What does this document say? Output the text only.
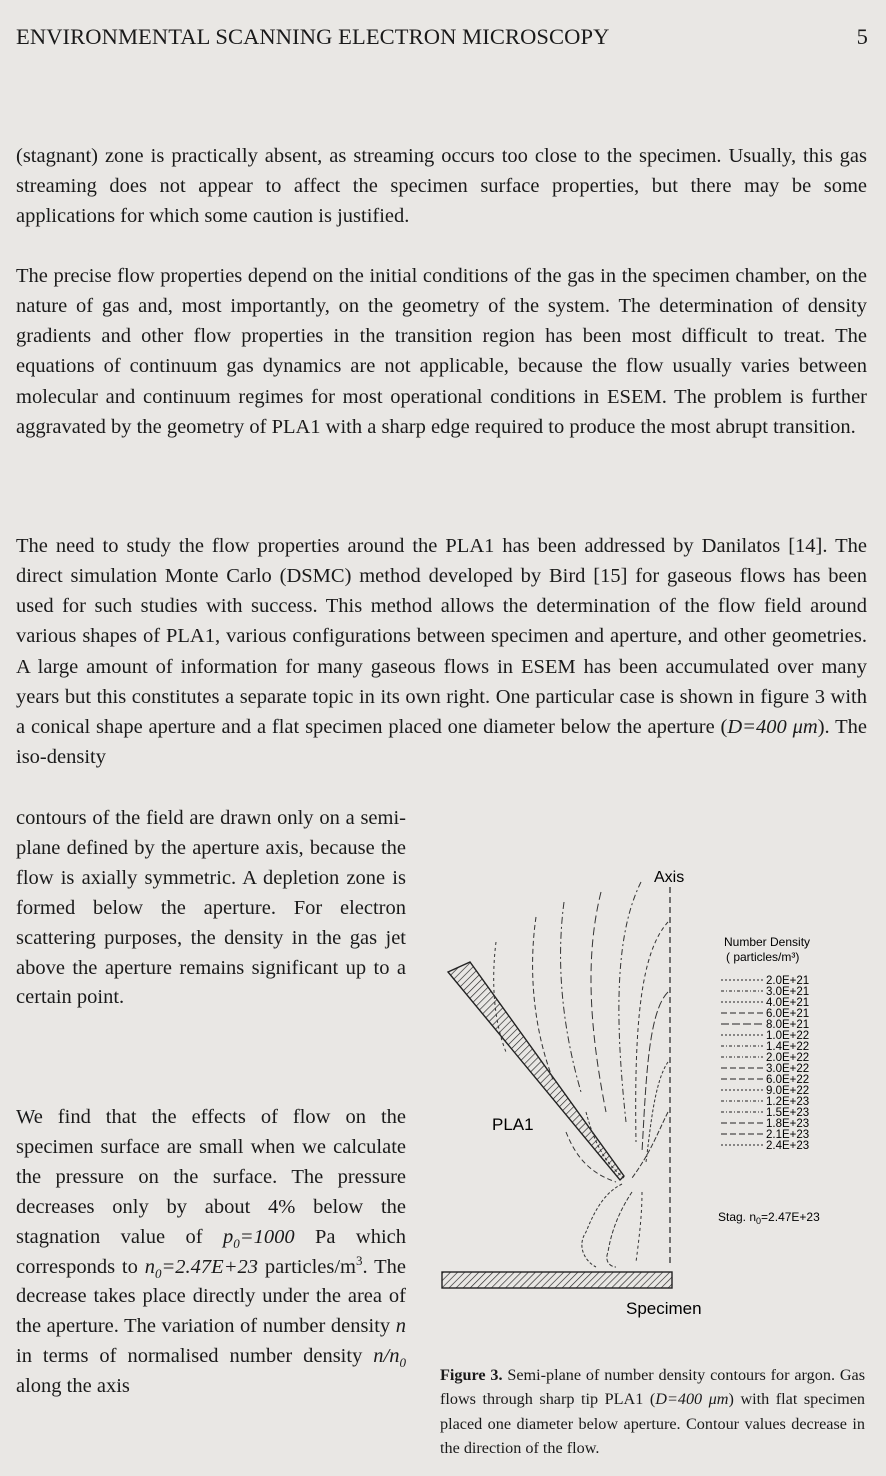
ENVIRONMENTAL SCANNING ELECTRON MICROSCOPY	5

(stagnant) zone is practically absent, as streaming occurs too close to the specimen. Usually, this gas streaming does not appear to affect the specimen surface properties, but there may be some applications for which some caution is justified.

The precise flow properties depend on the initial conditions of the gas in the specimen chamber, on the nature of gas and, most importantly, on the geometry of the system. The determination of density gradients and other flow properties in the transition region has been most difficult to treat. The equations of continuum gas dynamics are not applicable, because the flow usually varies between molecular and continuum regimes for most operational conditions in ESEM. The problem is further aggravated by the geometry of PLA1 with a sharp edge required to produce the most abrupt transition.

The need to study the flow properties around the PLA1 has been addressed by Danilatos [14]. The direct simulation Monte Carlo (DSMC) method developed by Bird [15] for gaseous flows has been used for such studies with success. This method allows the determination of the flow field around various shapes of PLA1, various configurations between specimen and aperture, and other geometries. A large amount of information for many gaseous flows in ESEM has been accumulated over many years but this constitutes a separate topic in its own right. One particular case is shown in figure 3 with a conical shape aperture and a flat specimen placed one diameter below the aperture (D=400 μm). The iso-density

contours of the field are drawn only on a semi-plane defined by the aperture axis, because the flow is axially symmetric. A depletion zone is formed below the aperture. For electron scattering purposes, the density in the gas jet above the aperture remains significant up to a certain point.

We find that the effects of flow on the specimen surface are small when we calculate the pressure on the surface. The pressure decreases only by about 4% below the stagnation value of $p_0=1000$ Pa which corresponds to $n_0=2.47E+23$ particles/$m^3$. The decrease takes place directly under the area of the aperture. The variation of number density n in terms of normalised number density $n/n_0$ along the axis

Axis
PLA1
Specimen
Number Density
( particles/m³)
2.0E+21
3.0E+21
4.0E+21
6.0E+21
8.0E+21
1.0E+22
1.4E+22
2.0E+22
3.0E+22
6.0E+22
9.0E+22
1.2E+23
1.5E+23
1.8E+23
2.1E+23
2.4E+23
Stag. $n_0=2.47E+23$

Figure 3. Semi-plane of number density contours for argon. Gas flows through sharp tip PLA1 (D=400 μm) with flat specimen placed one diameter below aperture. Contour values decrease in the direction of the flow.
